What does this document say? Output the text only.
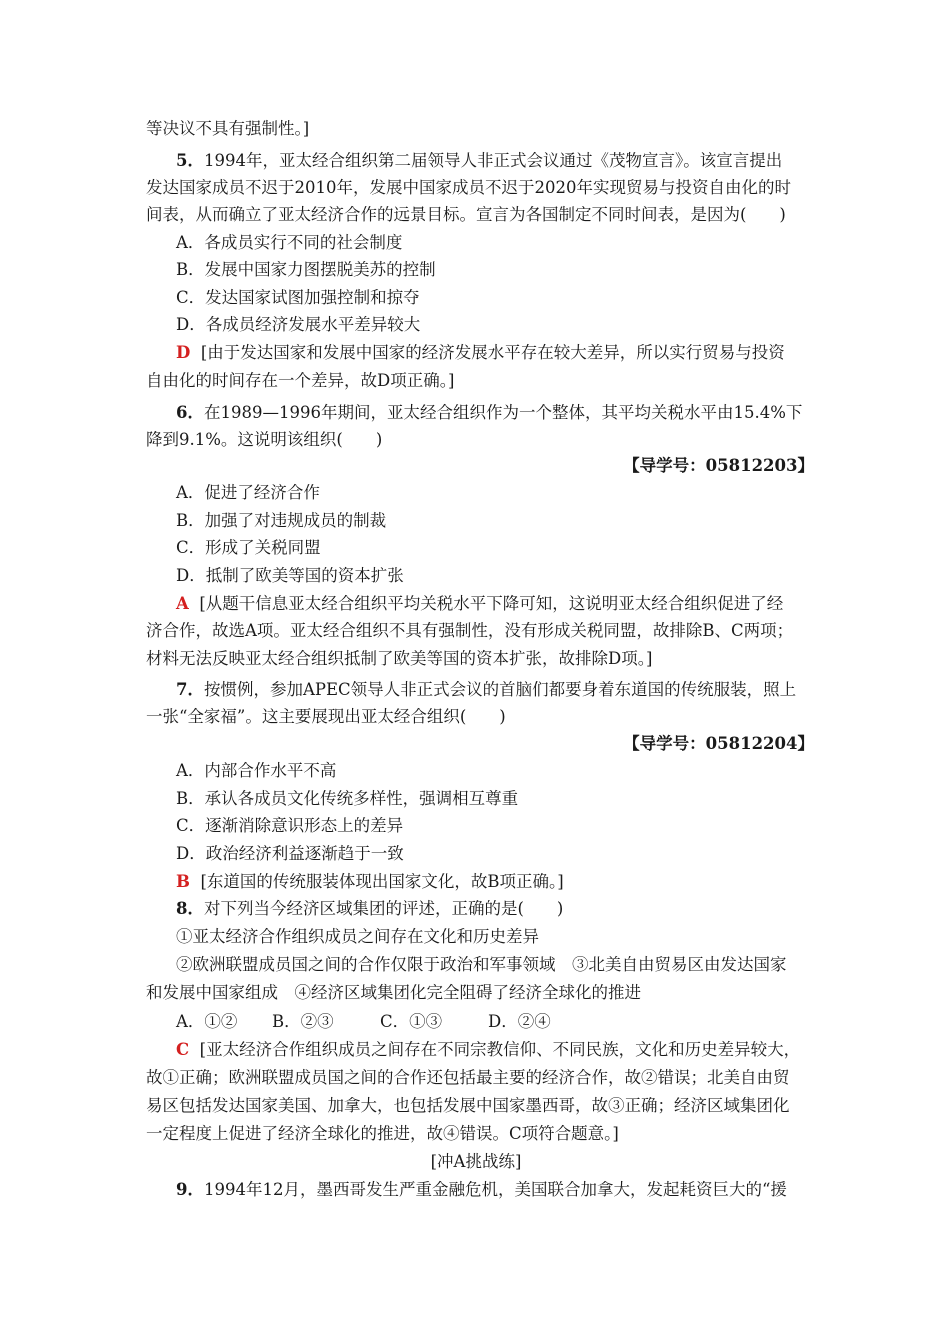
等决议不具有强制性。]
5．1994年，亚太经合组织第二届领导人非正式会议通过《茂物宣言》。该宣言提出
发达国家成员不迟于2010年，发展中国家成员不迟于2020年实现贸易与投资自由化的时
间表，从而确立了亚太经济合作的远景目标。宣言为各国制定不同时间表，是因为(　　)
A．各成员实行不同的社会制度
B．发展中国家力图摆脱美苏的控制
C．发达国家试图加强控制和掠夺
D．各成员经济发展水平差异较大
D [由于发达国家和发展中国家的经济发展水平存在较大差异，所以实行贸易与投资
自由化的时间存在一个差异，故D项正确。]
6．在1989—1996年期间，亚太经合组织作为一个整体，其平均关税水平由15.4%下
降到9.1%。这说明该组织(　　)
【导学号：05812203】
A．促进了经济合作
B．加强了对违规成员的制裁
C．形成了关税同盟
D．抵制了欧美等国的资本扩张
A [从题干信息亚太经合组织平均关税水平下降可知，这说明亚太经合组织促进了经
济合作，故选A项。亚太经合组织不具有强制性，没有形成关税同盟，故排除B、C两项；
材料无法反映亚太经合组织抵制了欧美等国的资本扩张，故排除D项。]
7．按惯例，参加APEC领导人非正式会议的首脑们都要身着东道国的传统服装，照上
一张“全家福”。这主要展现出亚太经合组织(　　)
【导学号：05812204】
A．内部合作水平不高
B．承认各成员文化传统多样性，强调相互尊重
C．逐渐消除意识形态上的差异
D．政治经济利益逐渐趋于一致
B [东道国的传统服装体现出国家文化，故B项正确。]
8．对下列当今经济区域集团的评述，正确的是(　　)
①亚太经济合作组织成员之间存在文化和历史差异
②欧洲联盟成员国之间的合作仅限于政治和军事领域　③北美自由贸易区由发达国家
和发展中国家组成　④经济区域集团化完全阻碍了经济全球化的推进
A．①② B．②③	C．①③	D．②④
C [亚太经济合作组织成员之间存在不同宗教信仰、不同民族，文化和历史差异较大，
故①正确；欧洲联盟成员国之间的合作还包括最主要的经济合作，故②错误；北美自由贸
易区包括发达国家美国、加拿大，也包括发展中国家墨西哥，故③正确；经济区域集团化
一定程度上促进了经济全球化的推进，故④错误。C项符合题意。]
[冲A挑战练]
9．1994年12月，墨西哥发生严重金融危机，美国联合加拿大，发起耗资巨大的“援
